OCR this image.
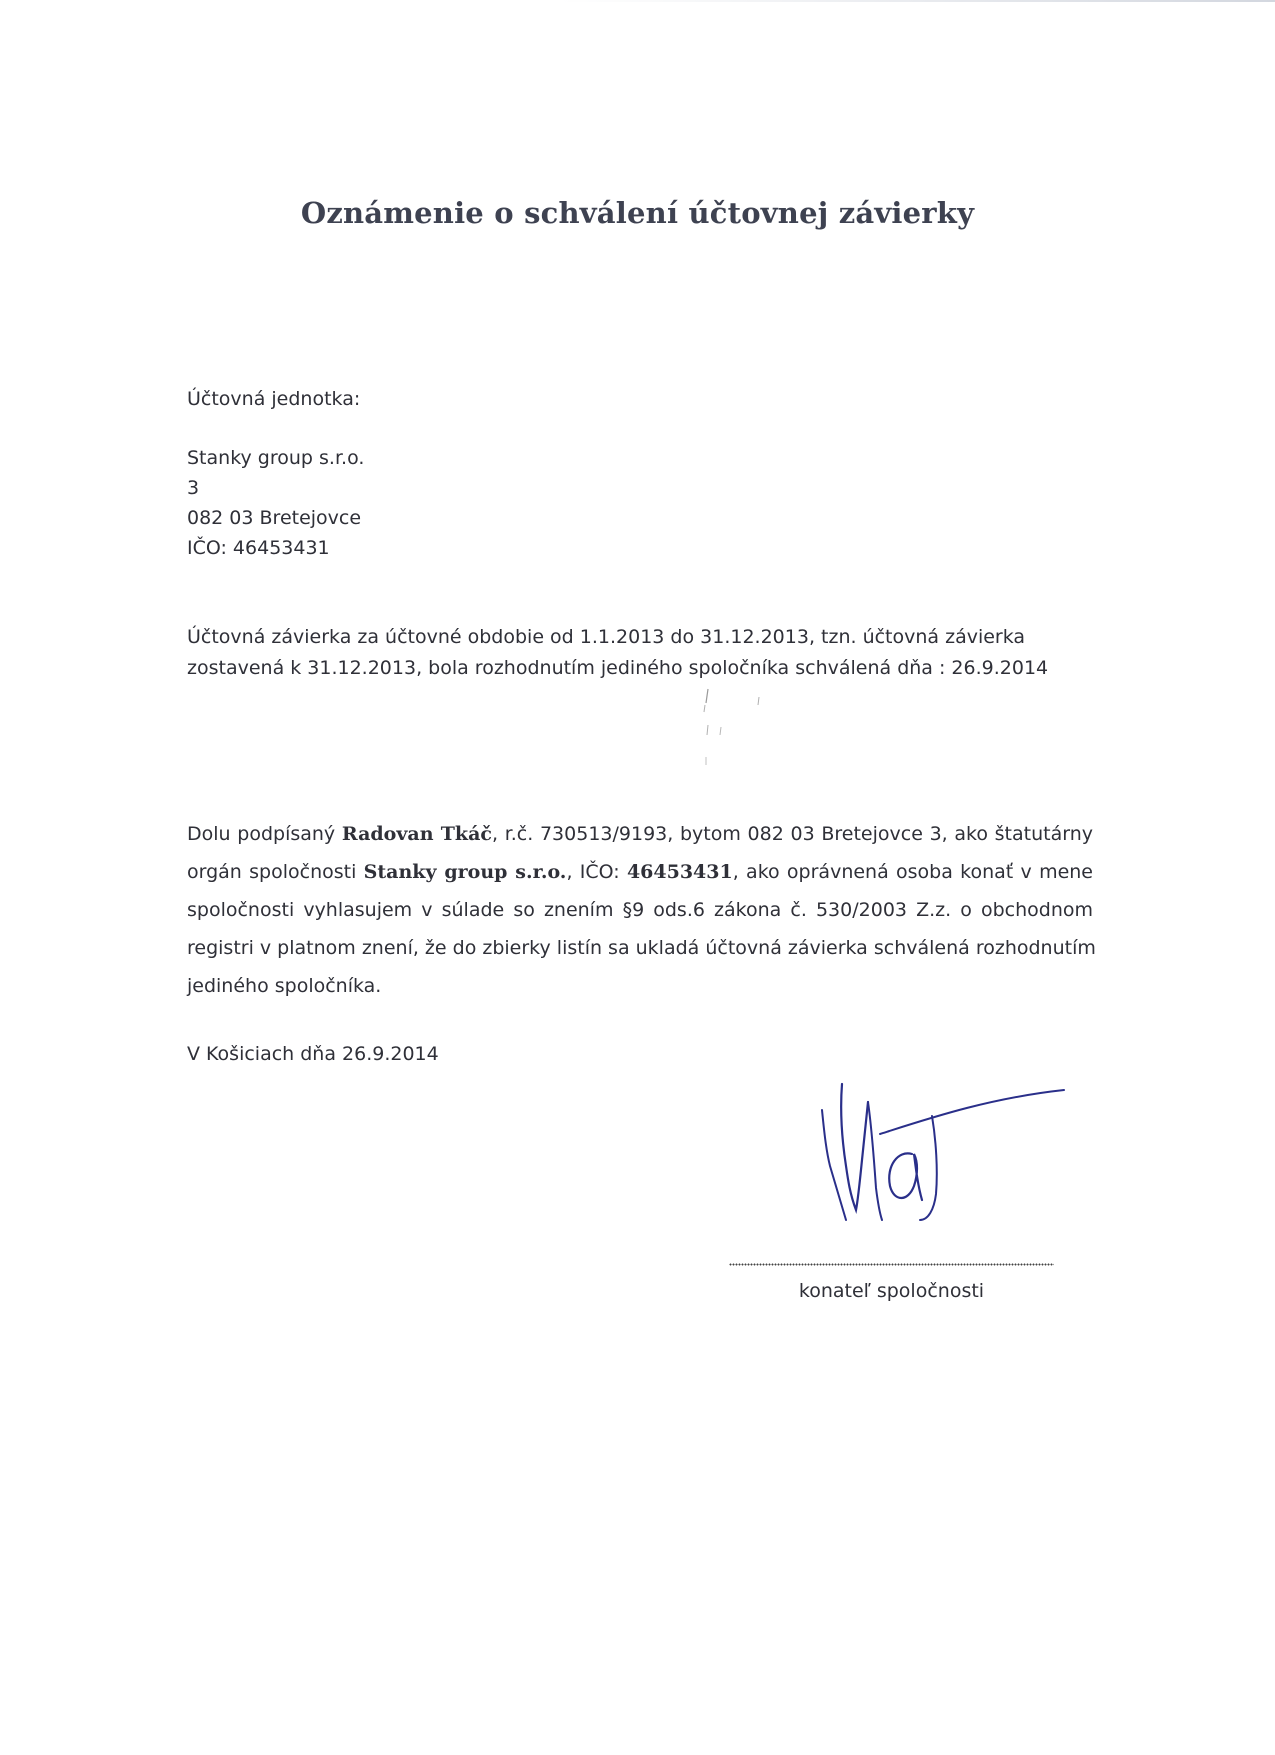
Oznámenie o schválení účtovnej závierky
Účtovná jednotka:
Stanky group s.r.o.
3
082 03 Bretejovce
IČO: 46453431
Účtovná závierka za účtovné obdobie od 1.1.2013 do 31.12.2013, tzn. účtovná závierka
zostavená k 31.12.2013, bola rozhodnutím jediného spoločníka schválená dňa : 26.9.2014
Dolu podpísaný Radovan Tkáč, r.č. 730513/9193, bytom 082 03 Bretejovce 3, ako štatutárny
orgán spoločnosti Stanky group s.r.o., IČO: 46453431, ako oprávnená osoba konať v mene
spoločnosti vyhlasujem v súlade so znením §9 ods.6 zákona č. 530/2003 Z.z. o obchodnom
registri v platnom znení, že do zbierky listín sa ukladá účtovná závierka schválená rozhodnutím
jediného spoločníka.
V Košiciach dňa 26.9.2014
konateľ spoločnosti
